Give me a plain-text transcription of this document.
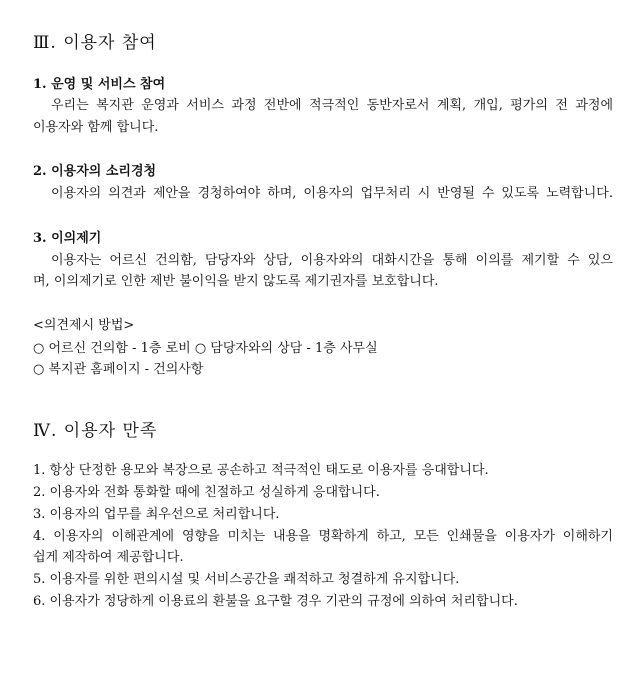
Ⅲ. 이용자 참여
1. 운영 및 서비스 참여
우리는 복지관 운영과 서비스 과정 전반에 적극적인 동반자로서 계획, 개입, 평가의 전 과정에
이용자와 함께 합니다.
2. 이용자의 소리경청
이용자의 의견과 제안을 경청하여야 하며, 이용자의 업무처리 시 반영될 수 있도록 노력합니다.
3. 이의제기
이용자는 어르신 건의함, 담당자와 상담, 이용자와의 대화시간을 통해 이의를 제기할 수 있으
며, 이의제기로 인한 제반 불이익을 받지 않도록 제기권자를 보호합니다.
<의견제시 방법>
○ 어르신 건의함 - 1층 로비 ○ 담당자와의 상담 - 1층 사무실
○ 복지관 홈페이지 - 건의사항
Ⅳ. 이용자 만족
1. 항상 단정한 용모와 복장으로 공손하고 적극적인 태도로 이용자를 응대합니다.
2. 이용자와 전화 통화할 때에 친절하고 성실하게 응대합니다.
3. 이용자의 업무를 최우선으로 처리합니다.
4. 이용자의 이해관계에 영향을 미치는 내용을 명확하게 하고, 모든 인쇄물을 이용자가 이해하기
쉽게 제작하여 제공합니다.
5. 이용자를 위한 편의시설 및 서비스공간을 쾌적하고 청결하게 유지합니다.
6. 이용자가 정당하게 이용료의 환불을 요구할 경우 기관의 규정에 의하여 처리합니다.
